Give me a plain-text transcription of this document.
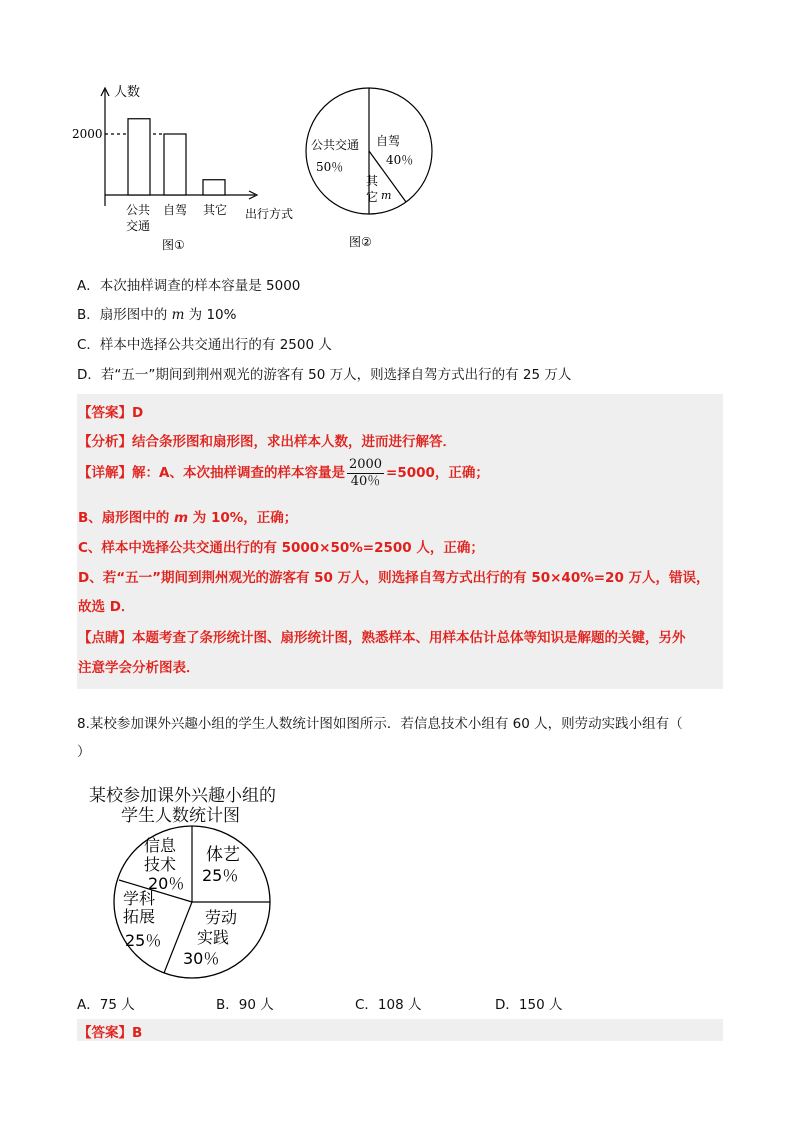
人数
2000
公共
交通
自驾 其它 出行方式
图①
公共交通
50％
自驾
40％
其
它 m
图②
A．本次抽样调查的样本容量是 5000
B．扇形图中的 m 为 10%
C．样本中选择公共交通出行的有 2500 人
D．若“五一”期间到荆州观光的游客有 50 万人，则选择自驾方式出行的有 25 万人
【答案】D
【分析】结合条形图和扇形图，求出样本人数，进而进行解答．
【详解】解：A、本次抽样调查的样本容量是 $\frac{2000}{40\%} =5000$，正确；
B、扇形图中的 m 为 10%，正确；
C、样本中选择公共交通出行的有 5000×50%=2500 人，正确；
D、若“五一”期间到荆州观光的游客有 50 万人，则选择自驾方式出行的有 50×40%=20 万人，错误，
故选 D．
【点睛】本题考查了条形统计图、扇形统计图，熟悉样本、用样本估计总体等知识是解题的关键，另外
注意学会分析图表．
8.某校参加课外兴趣小组的学生人数统计图如图所示．若信息技术小组有 60 人，则劳动实践小组有（
）
某校参加课外兴趣小组的
学生人数统计图
信息
技术
20％
体艺
25％
劳动
实践
30％
学科
拓展
25％
A．75 人	B．90 人	C．108 人	D．150 人
【答案】B
